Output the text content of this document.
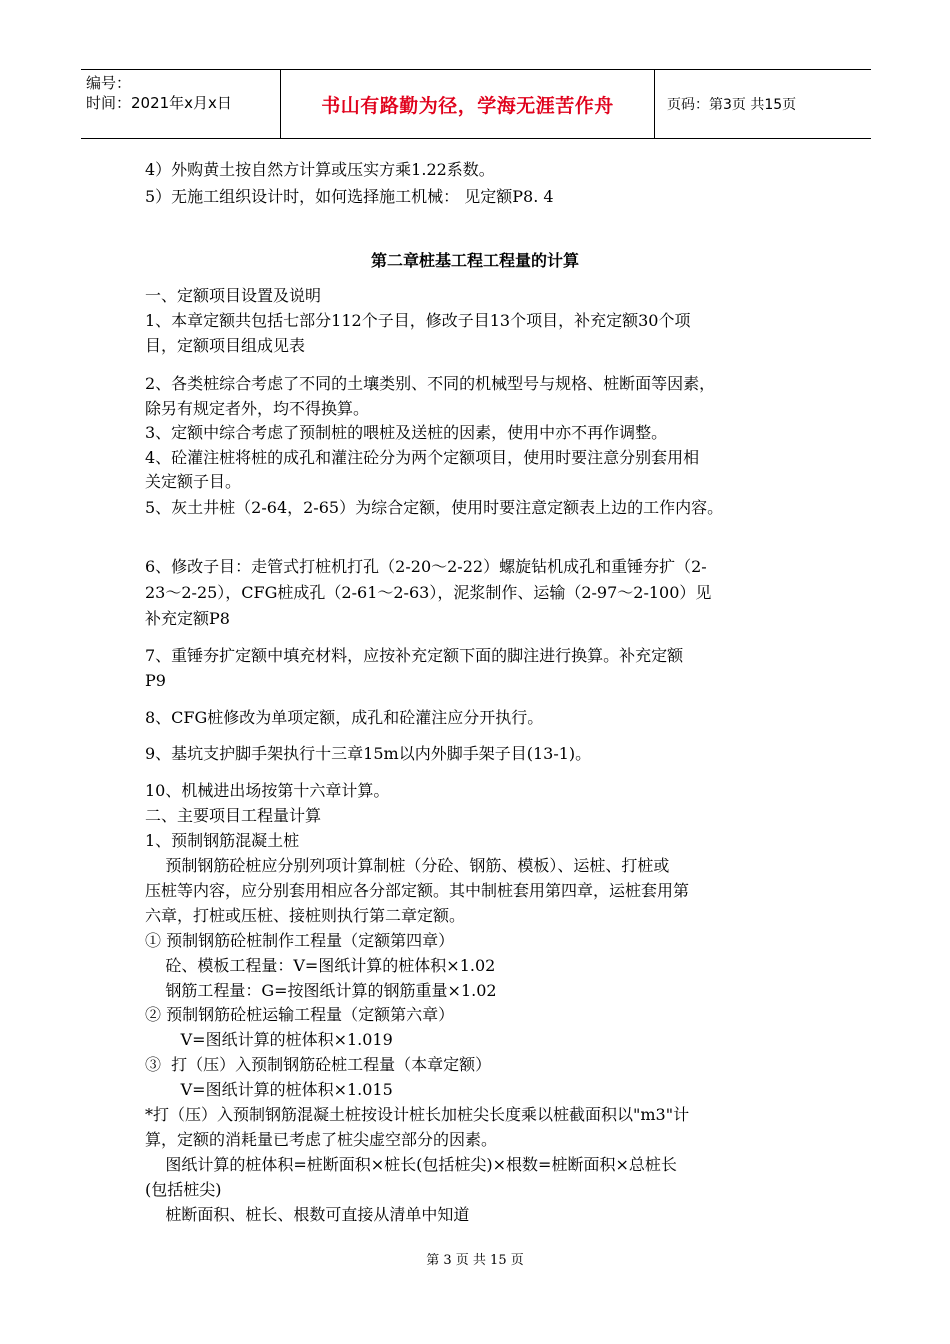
编号：
时间：2021年x月x日	书山有路勤为径，学海无涯苦作舟	页码：第3页 共15页
4）外购黄土按自然方计算或压实方乘1.22系数。
5）无施工组织设计时，如何选择施工机械： 见定额P8. 4
第二章桩基工程工程量的计算
一、定额项目设置及说明
1、本章定额共包括七部分112个子目，修改子目13个项目，补充定额30个项
目，定额项目组成见表
2、各类桩综合考虑了不同的土壤类别、不同的机械型号与规格、桩断面等因素，
除另有规定者外，均不得换算。
3、定额中综合考虑了预制桩的喂桩及送桩的因素，使用中亦不再作调整。
4、砼灌注桩将桩的成孔和灌注砼分为两个定额项目，使用时要注意分别套用相
关定额子目。
5、灰土井桩（2-64，2-65）为综合定额，使用时要注意定额表上边的工作内容。
6、修改子目：走管式打桩机打孔（2-20～2-22）螺旋钻机成孔和重锤夯扩（2-
23～2-25），CFG桩成孔（2-61～2-63），泥浆制作、运输（2-97～2-100）见
补充定额P8
7、重锤夯扩定额中填充材料，应按补充定额下面的脚注进行换算。补充定额
P9
8、CFG桩修改为单项定额，成孔和砼灌注应分开执行。
9、基坑支护脚手架执行十三章15m以内外脚手架子目(13-1)。
10、机械进出场按第十六章计算。
二、主要项目工程量计算
1、预制钢筋混凝土桩
预制钢筋砼桩应分别列项计算制桩（分砼、钢筋、模板）、运桩、打桩或
压桩等内容，应分别套用相应各分部定额。其中制桩套用第四章，运桩套用第
六章，打桩或压桩、接桩则执行第二章定额。
① 预制钢筋砼桩制作工程量（定额第四章）
砼、模板工程量：V=图纸计算的桩体积×1.02
钢筋工程量：G=按图纸计算的钢筋重量×1.02
② 预制钢筋砼桩运输工程量（定额第六章）
V=图纸计算的桩体积×1.019
③  打（压）入预制钢筋砼桩工程量（本章定额）
V=图纸计算的桩体积×1.015
*打（压）入预制钢筋混凝土桩按设计桩长加桩尖长度乘以桩截面积以"m3"计
算，定额的消耗量已考虑了桩尖虚空部分的因素。
图纸计算的桩体积=桩断面积×桩长(包括桩尖)×根数=桩断面积×总桩长
(包括桩尖)
桩断面积、桩长、根数可直接从清单中知道
第 3 页 共 15 页
